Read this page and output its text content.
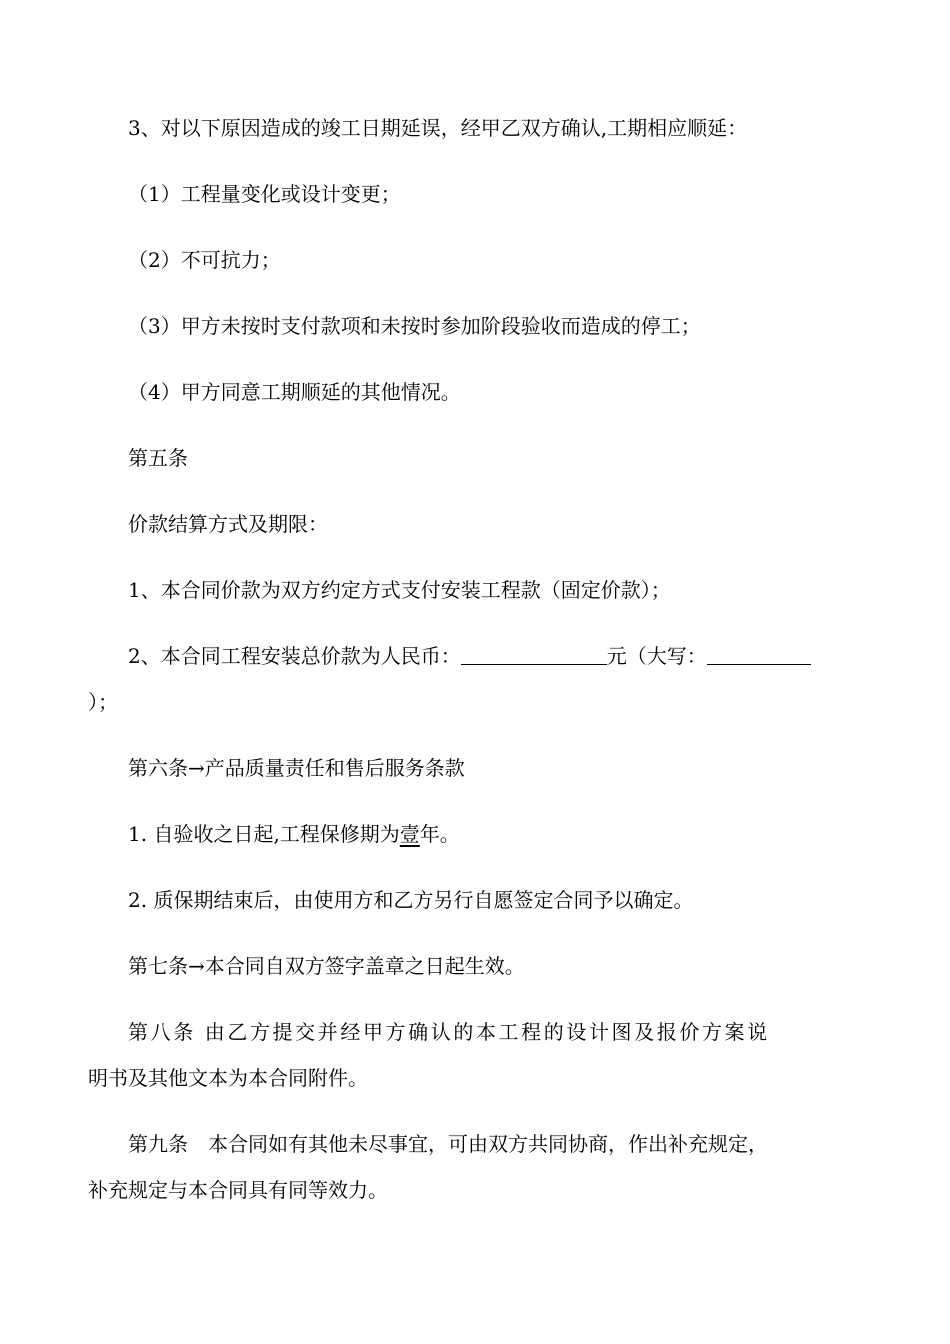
3、对以下原因造成的竣工日期延误，经甲乙双方确认,工期相应顺延：
（1）工程量变化或设计变更；
（2）不可抗力；
（3）甲方未按时支付款项和未按时参加阶段验收而造成的停工；
（4）甲方同意工期顺延的其他情况。
第五条
价款结算方式及期限：
1、本合同价款为双方约定方式支付安装工程款（固定价款）；
2、本合同工程安装总价款为人民币：	元（大写：
）；
第六条→产品质量责任和售后服务条款
1. 自验收之日起,工程保修期为壹年。
2. 质保期结束后，由使用方和乙方另行自愿签定合同予以确定。
第七条→本合同自双方签字盖章之日起生效。
第八条 由乙方提交并经甲方确认的本工程的设计图及报价方案说
明书及其他文本为本合同附件。
第九条　本合同如有其他未尽事宜，可由双方共同协商，作出补充规定，
补充规定与本合同具有同等效力。
